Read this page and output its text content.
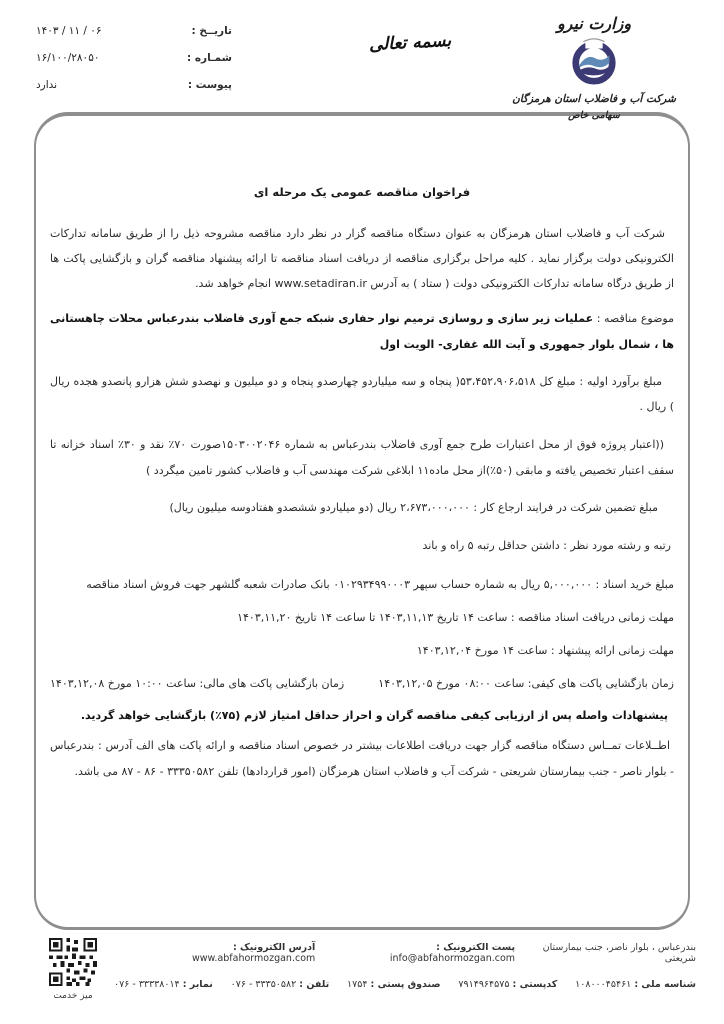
وزارت نیرو
شرکت آب و فاضلاب استان هرمزگان
سهامی خاص
بسمه تعالی
تاریــخ :
۱۴۰۳ / ۱۱ / ۰۶
شمـاره :
۱۶/۱۰۰/۲۸۰۵۰
پیوست :
ندارد
فراخوان مناقصه عمومی یک مرحله ای

شرکت آب و فاضلاب استان هرمزگان به عنوان دستگاه مناقصه گزار در نظر دارد مناقصه مشروحه ذیل را از طریق سامانه تدارکات الکترونیکی دولت برگزار نماید . کلیه مراحل برگزاری مناقصه از دریافت اسناد مناقصه تا ارائه پیشنهاد مناقصه گران و بازگشایی پاکت ها از طریق درگاه سامانه تدارکات الکترونیکی دولت ( ستاد ) به آدرس www.setadiran.ir انجام خواهد شد.

موضوع مناقصه : عملیات زیر سازی و روسازی ترمیم نوار حفاری شبکه جمع آوری فاضلاب بندرعباس محلات چاهستانی ها ، شمال بلوار جمهوری و آیت الله غفاری- الویت اول

مبلغ برآورد اولیه : مبلغ کل ۵۳،۴۵۲،۹۰۶،۵۱۸( پنجاه و سه میلیاردو چهارصدو پنجاه و دو میلیون و نهصدو شش هزارو پانصدو هجده ریال ) ریال .

((اعتبار پروژه فوق از محل اعتبارات طرح جمع آوری فاضلاب بندرعباس به شماره ۱۵۰۳۰۰۲۰۴۶صورت ۷۰٪ نقد و ۳۰٪ اسناد خزانه تا سقف اعتبار تخصیص یافته و مابقی (۵۰٪)از محل ماده۱۱ ابلاغی شرکت مهندسی آب و فاضلاب کشور تامین میگردد )

مبلغ تضمین شرکت در فرایند ارجاع کار : ۲،۶۷۳،۰۰۰،۰۰۰ ریال (دو میلیاردو ششصدو هفتادوسه میلیون ریال)

رتبه و رشته مورد نظر : داشتن حداقل رتبه ۵ راه و باند

مبلغ خرید اسناد : ۵,۰۰۰,۰۰۰ ریال به شماره حساب سپهر ۰۱۰۲۹۳۴۹۹۰۰۰۳ بانک صادرات شعبه گلشهر جهت فروش اسناد مناقصه

مهلت زمانی دریافت اسناد مناقصه : ساعت ۱۴ تاریخ ۱۴۰۳,۱۱,۱۳ تا ساعت ۱۴ تاریخ ۱۴۰۳,۱۱,۲۰

مهلت زمانی ارائه پیشنهاد : ساعت ۱۴ مورخ ۱۴۰۳,۱۲,۰۴

زمان بازگشایی پاکت های کیفی: ساعت ۰۸:۰۰ مورخ ۱۴۰۳,۱۲,۰۵
زمان بازگشایی پاکت های مالی: ساعت ۱۰:۰۰ مورخ ۱۴۰۳,۱۲,۰۸

پیشنهادات واصله پس از ارزیابی کیفی مناقصه گران و احراز حداقل امتیاز لازم (۷۵٪) بازگشایی خواهد گردید.

اطــلاعات تمــاس دستگاه مناقصه گزار جهت دریافت اطلاعات بیشتر در خصوص اسناد مناقصه و ارائه پاکت های الف آدرس : بندرعباس - بلوار ناصر - جنب بیمارستان شریعتی - شرکت آب و فاضلاب استان هرمزگان (امور قراردادها) تلفن ۳۳۳۵۰۵۸۲ - ۸۶ - ۸۷ می باشد.

میز خدمت
بندرعباس ، بلوار ناصر، جنب بیمارستان شریعتی
پست الکترونیک : info@abfahormozgan.com
آدرس الکترونیک : www.abfahormozgan.com
شناسه ملی : ۱۰۸۰۰۰۴۵۴۶۱
کدپستی : ۷۹۱۴۹۶۴۵۷۵
صندوق پستی : ۱۷۵۴
تلفن : ۳۳۳۵۰۵۸۲ - ۰۷۶
نمابر : ۳۳۳۳۸۰۱۴ - ۰۷۶
